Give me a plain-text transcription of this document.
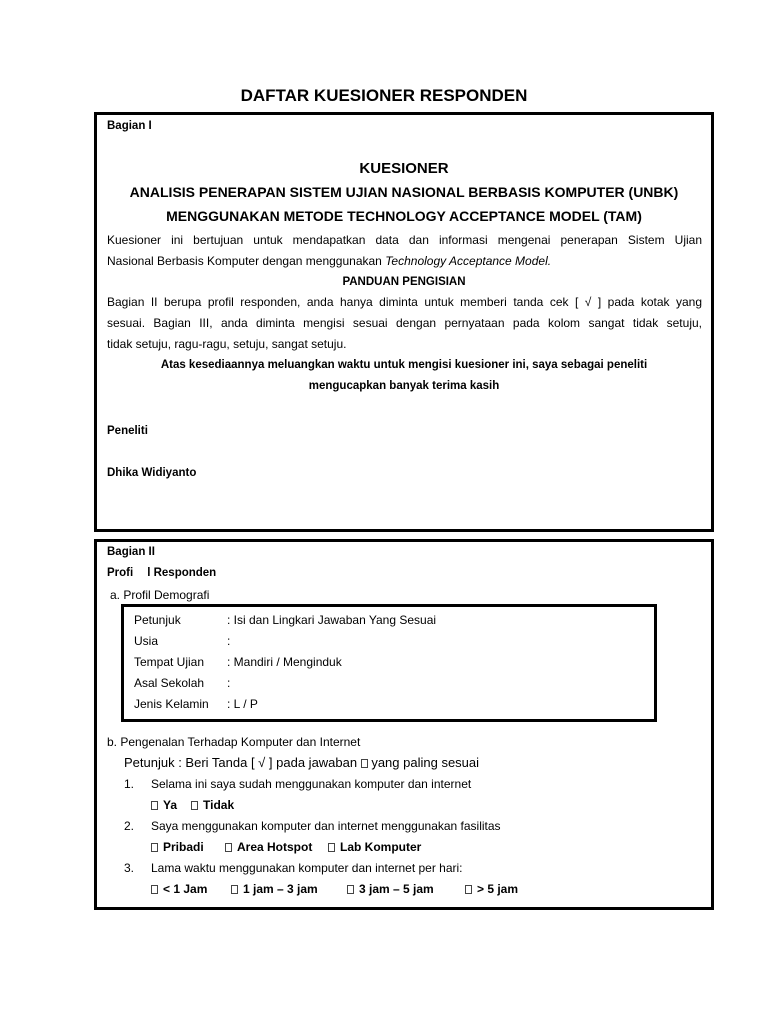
DAFTAR KUESIONER RESPONDEN
Bagian I
KUESIONER
ANALISIS PENERAPAN SISTEM UJIAN NASIONAL BERBASIS KOMPUTER (UNBK)
MENGGUNAKAN METODE TECHNOLOGY ACCEPTANCE MODEL (TAM)
Kuesioner ini bertujuan untuk mendapatkan data dan informasi mengenai penerapan Sistem Ujian
Nasional Berbasis Komputer dengan menggunakan Technology Acceptance Model.
PANDUAN PENGISIAN
Bagian II berupa profil responden, anda hanya diminta untuk memberi tanda cek [ √ ] pada kotak yang
sesuai. Bagian III, anda diminta mengisi sesuai dengan pernyataan pada kolom sangat tidak setuju,
tidak setuju, ragu-ragu, setuju, sangat setuju.
Atas kesediaannya meluangkan waktu untuk mengisi kuesioner ini, saya sebagai peneliti
mengucapkan banyak terima kasih
Peneliti
Dhika Widiyanto
Bagian II
Profi l Responden
a. Profil Demografi
Petunjuk	: Isi dan Lingkari Jawaban Yang Sesuai
Usia	:
Tempat Ujian : Mandiri / Menginduk
Asal Sekolah :
Jenis Kelamin : L / P
b. Pengenalan Terhadap Komputer dan Internet
Petunjuk : Beri Tanda [ √ ] pada jawaban  yang paling sesuai
1. Selama ini saya sudah menggunakan komputer dan internet
Ya	Tidak
2. Saya menggunakan komputer dan internet menggunakan fasilitas
Pribadi	Area Hotspot	Lab Komputer
3. Lama waktu menggunakan komputer dan internet per hari:
< 1 Jam	1 jam – 3 jam	3 jam – 5 jam	> 5 jam
